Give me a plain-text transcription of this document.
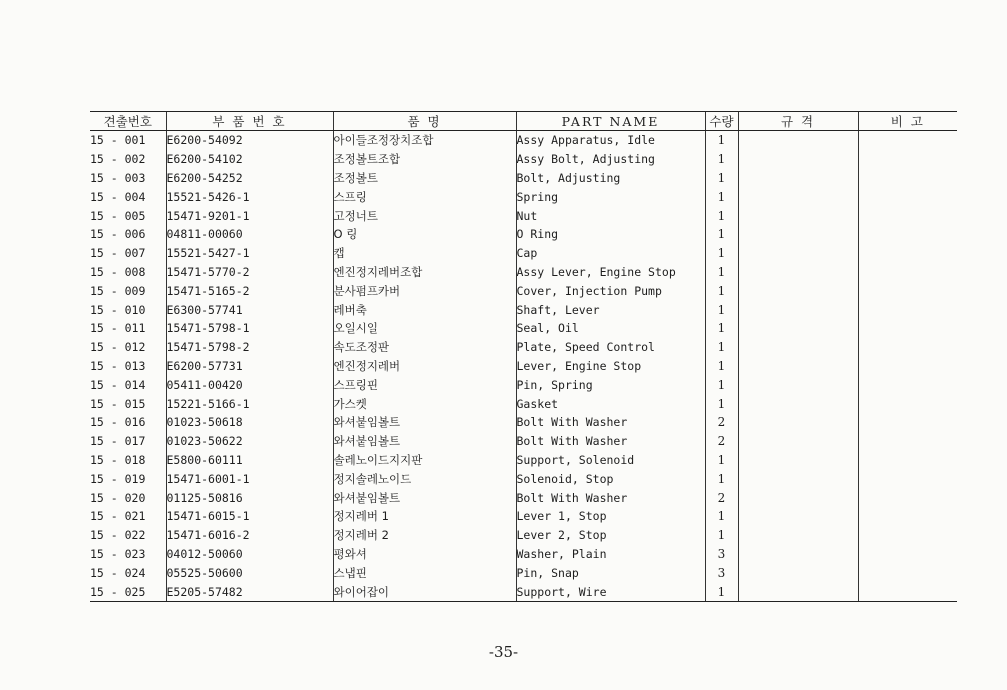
견출번호	부 품 번 호	품 명	PART NAME	수량	규 격	비 고
15 - 001	E6200-54092	아이들조정장치조합	Assy Apparatus, Idle	1		
15 - 002	E6200-54102	조정볼트조합	Assy Bolt, Adjusting	1		
15 - 003	E6200-54252	조정볼트	Bolt, Adjusting	1		
15 - 004	15521-5426-1	스프링	Spring	1		
15 - 005	15471-9201-1	고정너트	Nut	1		
15 - 006	04811-00060	O 링	O Ring	1		
15 - 007	15521-5427-1	캡	Cap	1		
15 - 008	15471-5770-2	엔진정지레버조합	Assy Lever, Engine Stop	1		
15 - 009	15471-5165-2	분사펌프카버	Cover, Injection Pump	1		
15 - 010	E6300-57741	레버축	Shaft, Lever	1		
15 - 011	15471-5798-1	오일시일	Seal, Oil	1		
15 - 012	15471-5798-2	속도조정판	Plate, Speed Control	1		
15 - 013	E6200-57731	엔진정지레버	Lever, Engine Stop	1		
15 - 014	05411-00420	스프링핀	Pin, Spring	1		
15 - 015	15221-5166-1	가스켓	Gasket	1		
15 - 016	01023-50618	와셔붙임볼트	Bolt With Washer	2		
15 - 017	01023-50622	와셔붙임볼트	Bolt With Washer	2		
15 - 018	E5800-60111	솔레노이드지지판	Support, Solenoid	1		
15 - 019	15471-6001-1	정지솔레노이드	Solenoid, Stop	1		
15 - 020	01125-50816	와셔붙임볼트	Bolt With Washer	2		
15 - 021	15471-6015-1	정지레버 1	Lever 1, Stop	1		
15 - 022	15471-6016-2	정지레버 2	Lever 2, Stop	1		
15 - 023	04012-50060	평와셔	Washer, Plain	3		
15 - 024	05525-50600	스냅핀	Pin, Snap	3		
15 - 025	E5205-57482	와이어잡이	Support, Wire	1		
-35-
